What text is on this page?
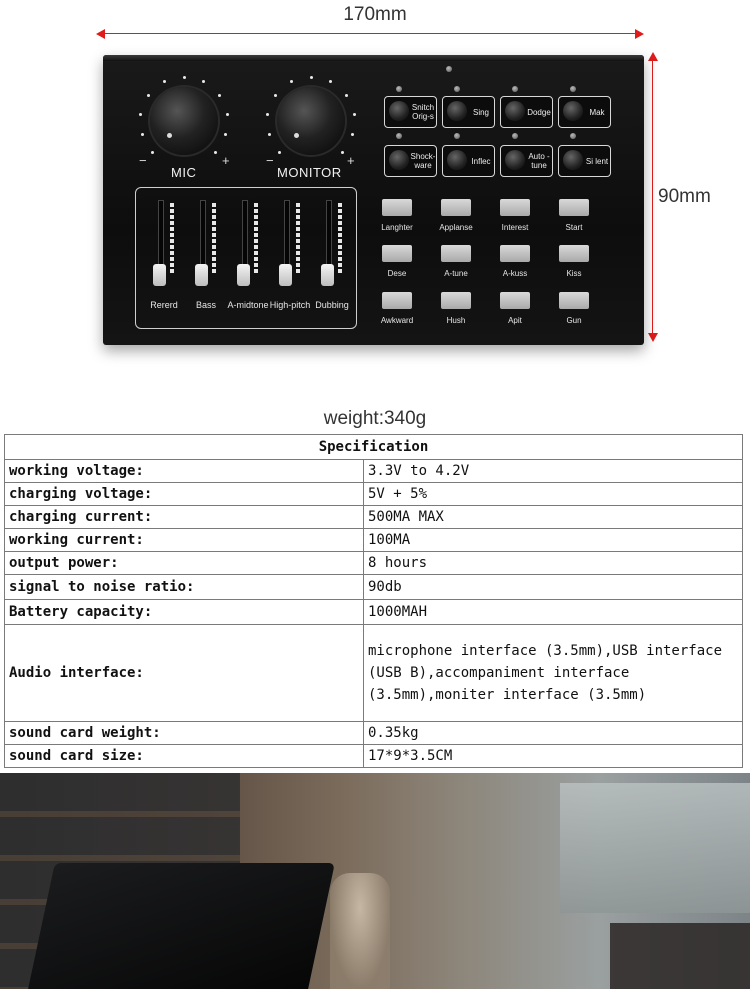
170mm
90mm
−
MIC
+	−
MONITOR
+
Rererd	Bass	A-midtone High-pitch Dubbing
Snitch Orig-s	Sing	Dodge	Mak
Shock- ware	Inflec	Auto -tune	Si lent
Langhter	Applanse	Interest	Start
Dese	A-tune	A-kuss	Kiss
Awkward	Hush	Apit	Gun
weight:340g
Specification	
working voltage:	3.3V to 4.2V
charging voltage:	5V + 5%
charging current:	500MA MAX
working current:	100MA
output power:	8 hours
signal to noise ratio:	90db
Battery capacity:	1000MAH
Audio interface:	microphone interface (3.5mm),USB interface (USB B),accompaniment interface (3.5mm),moniter interface (3.5mm)
sound card weight:	0.35kg
sound card size:	17*9*3.5CM
